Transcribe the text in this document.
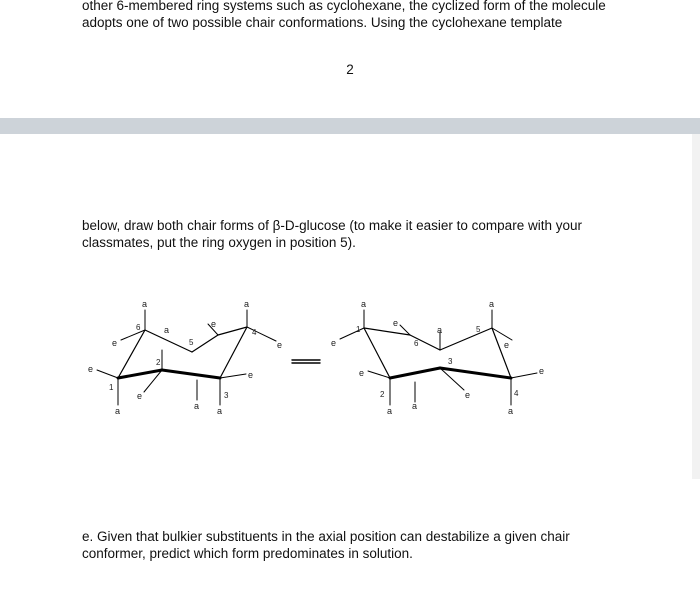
other 6-membered ring systems such as cyclohexane, the cyclized form of the molecule
adopts one of two possible chair conformations. Using the cyclohexane template
2
below, draw both chair forms of β-D-glucose (to make it easier to compare with your
classmates, put the ring oxygen in position 5).
a	a
a
a	a a
e
e
e
e
e
e
1
2
3
4
5
6
a	a
a
a a	a
e
e
e
e
e
e
1
2
3
4
5
6
e. Given that bulkier substituents in the axial position can destabilize a given chair
conformer, predict which form predominates in solution.
